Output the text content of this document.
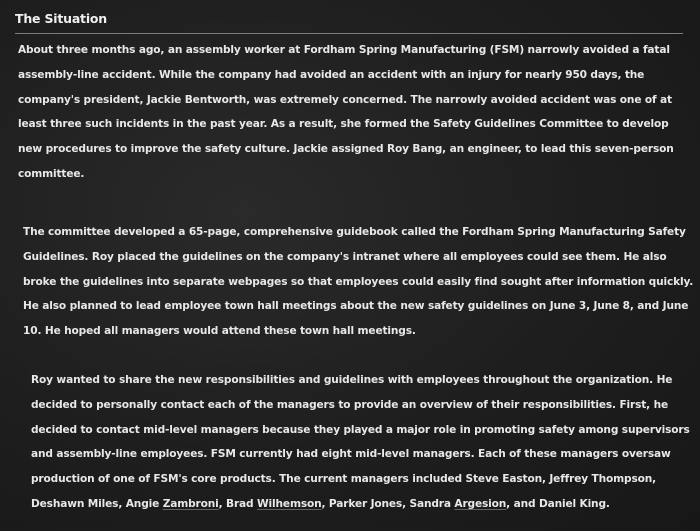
The Situation
About three months ago, an assembly worker at Fordham Spring Manufacturing (FSM) narrowly avoided a fatal
assembly-line accident. While the company had avoided an accident with an injury for nearly 950 days, the
company's president, Jackie Bentworth, was extremely concerned. The narrowly avoided accident was one of at
least three such incidents in the past year. As a result, she formed the Safety Guidelines Committee to develop
new procedures to improve the safety culture. Jackie assigned Roy Bang, an engineer, to lead this seven-person
committee.
The committee developed a 65-page, comprehensive guidebook called the Fordham Spring Manufacturing Safety
Guidelines. Roy placed the guidelines on the company's intranet where all employees could see them. He also
broke the guidelines into separate webpages so that employees could easily find sought after information quickly.
He also planned to lead employee town hall meetings about the new safety guidelines on June 3, June 8, and June
10. He hoped all managers would attend these town hall meetings.
Roy wanted to share the new responsibilities and guidelines with employees throughout the organization. He
decided to personally contact each of the managers to provide an overview of their responsibilities. First, he
decided to contact mid-level managers because they played a major role in promoting safety among supervisors
and assembly-line employees. FSM currently had eight mid-level managers. Each of these managers oversaw
production of one of FSM's core products. The current managers included Steve Easton, Jeffrey Thompson,
Deshawn Miles, Angie Zambroni, Brad Wilhemson, Parker Jones, Sandra Argesion, and Daniel King.
